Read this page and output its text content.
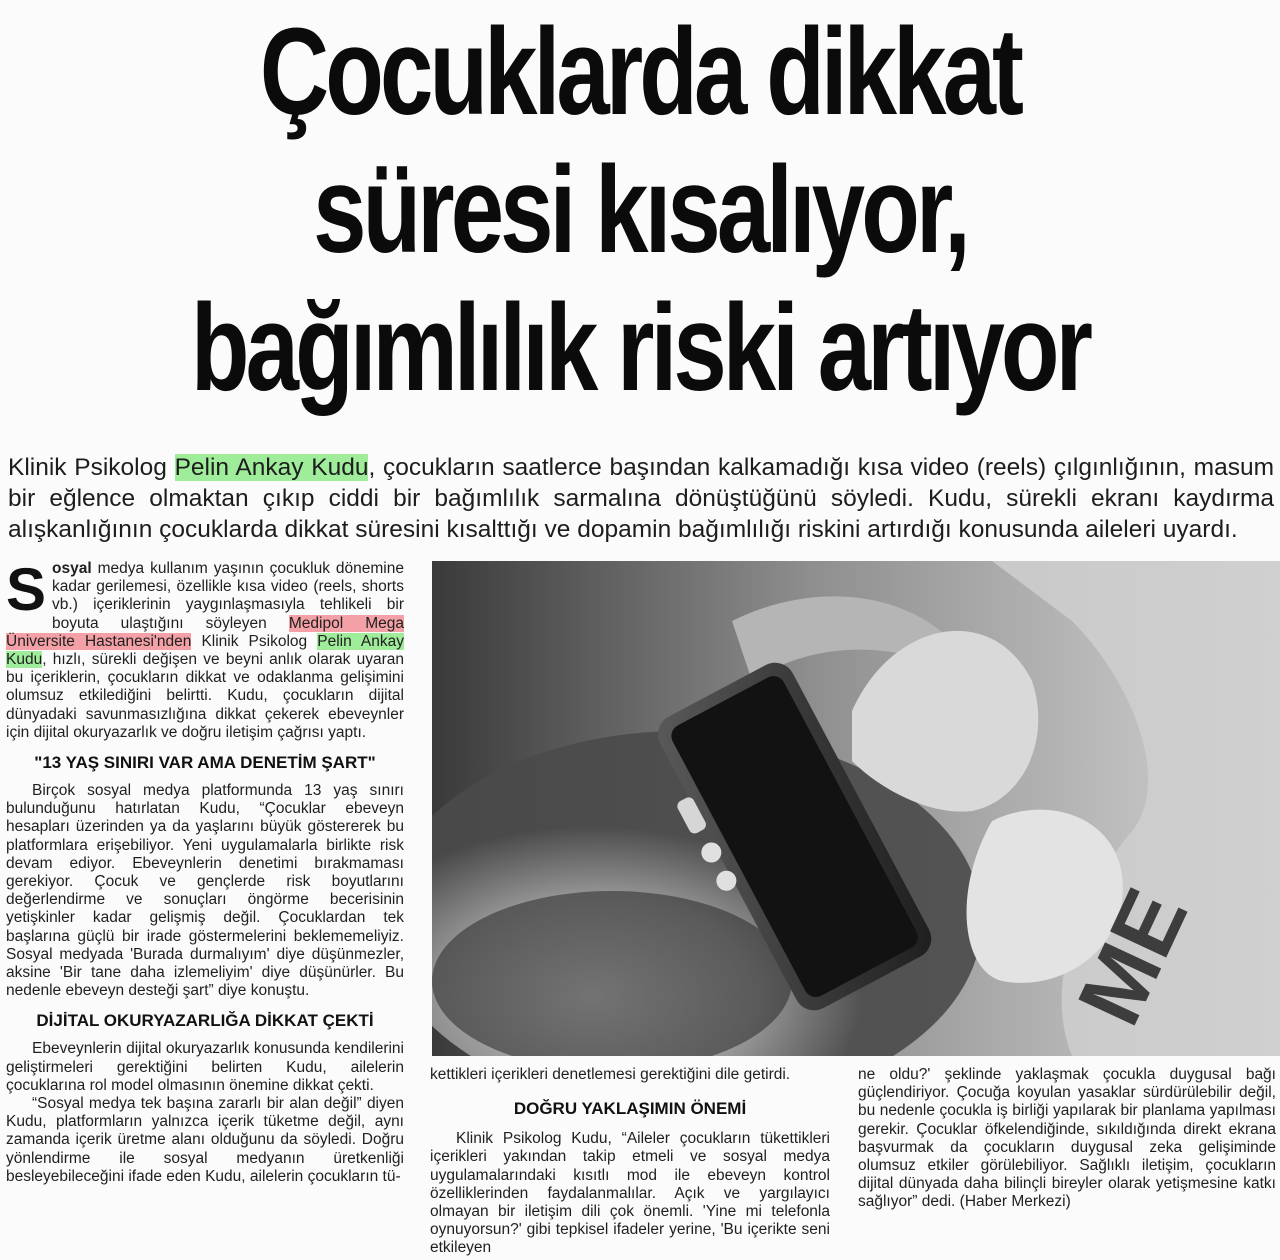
Çocuklarda dikkat
süresi kısalıyor,
bağımlılık riski artıyor
Klinik Psikolog Pelin Ankay Kudu, çocukların saatlerce başından kalkamadığı kısa video (reels) çılgınlığının, masum bir eğlence olmaktan çıkıp ciddi bir bağımlılık sarmalına dönüştüğünü söyledi. Kudu, sürekli ekranı kaydırma alışkanlığının çocuklarda dikkat süresini kısalttığı ve dopamin bağımlılığı riskini artırdığı konusunda aileleri uyardı.

Sosyal medya kullanım yaşının çocukluk dönemine kadar gerilemesi, özellikle kısa video (reels, shorts vb.) içeriklerinin yaygınlaşmasıyla tehlikeli bir boyuta ulaştığını söyleyen Medipol Mega Üniversite Hastanesi'nden Klinik Psikolog Pelin Ankay Kudu, hızlı, sürekli değişen ve beyni anlık olarak uyaran bu içeriklerin, çocukların dikkat ve odaklanma gelişimini olumsuz etkilediğini belirtti. Kudu, çocukların dijital dünyadaki savunmasızlığına dikkat çekerek ebeveynler için dijital okuryazarlık ve doğru iletişim çağrısı yaptı.

"13 YAŞ SINIRI VAR AMA DENETİM ŞART"

Birçok sosyal medya platformunda 13 yaş sınırı bulunduğunu hatırlatan Kudu, “Çocuklar ebeveyn hesapları üzerinden ya da yaşlarını büyük göstererek bu platformlara erişebiliyor. Yeni uygulamalarla birlikte risk devam ediyor. Ebeveynlerin denetimi bırakmaması gerekiyor. Çocuk ve gençlerde risk boyutlarını değerlendirme ve sonuçları öngörme becerisinin yetişkinler kadar gelişmiş değil. Çocuklardan tek başlarına güçlü bir irade göstermelerini beklememeliyiz. Sosyal medyada 'Burada durmalıyım' diye düşünmezler, aksine 'Bir tane daha izlemeliyim' diye düşünürler. Bu nedenle ebeveyn desteği şart” diye konuştu.

DİJİTAL OKURYAZARLIĞA DİKKAT ÇEKTİ

Ebeveynlerin dijital okuryazarlık konusunda kendilerini geliştirmeleri gerektiğini belirten Kudu, ailelerin çocuklarına rol model olmasının önemine dikkat çekti.

“Sosyal medya tek başına zararlı bir alan değil” diyen Kudu, platformların yalnızca içerik tüketme değil, aynı zamanda içerik üretme alanı olduğunu da söyledi. Doğru yönlendirme ile sosyal medyanın üretkenliği besleyebileceğini ifade eden Kudu, ailelerin çocukların tü-

ME

kettikleri içerikleri denetlemesi gerektiğini dile getirdi.

DOĞRU YAKLAŞIMIN ÖNEMİ

Klinik Psikolog Kudu, “Aileler çocukların tükettikleri içerikleri yakından takip etmeli ve sosyal medya uygulamalarındaki kısıtlı mod ile ebeveyn kontrol özelliklerinden faydalanmalılar. Açık ve yargılayıcı olmayan bir iletişim dili çok önemli. 'Yine mi telefonla oynuyorsun?' gibi tepkisel ifadeler yerine, 'Bu içerikte seni etkileyen

ne oldu?' şeklinde yaklaşmak çocukla duygusal bağı güçlendiriyor. Çocuğa koyulan yasaklar sürdürülebilir değil, bu nedenle çocukla iş birliği yapılarak bir planlama yapılması gerekir. Çocuklar öfkelendiğinde, sıkıldığında direkt ekrana başvurmak da çocukların duygusal zeka gelişiminde olumsuz etkiler görülebiliyor. Sağlıklı iletişim, çocukların dijital dünyada daha bilinçli bireyler olarak yetişmesine katkı sağlıyor” dedi. (Haber Merkezi)
